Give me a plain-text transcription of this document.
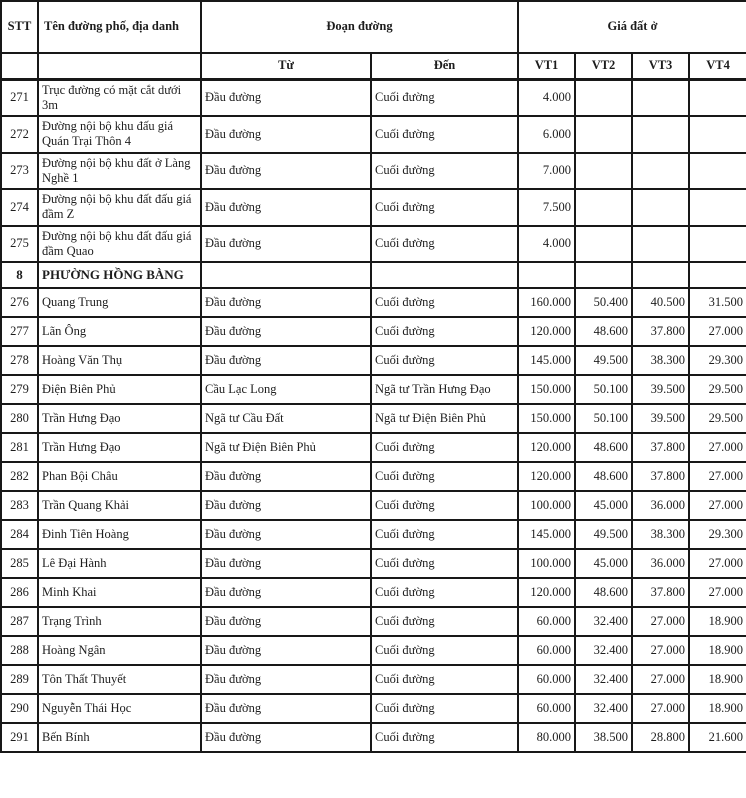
STT	Tên đường phố, địa danh	Đoạn đường		Giá đất ở			
		Từ	Đến	VT1	VT2	VT3	VT4
271	Trục đường có mặt cắt dưới 3m	Đầu đường	Cuối đường	4.000			
272	Đường nội bộ khu đấu giá Quán Trại Thôn 4	Đầu đường	Cuối đường	6.000			
273	Đường nội bộ khu đất ở Làng Nghề 1	Đầu đường	Cuối đường	7.000			
274	Đường nội bộ khu đất đấu giá đầm Z	Đầu đường	Cuối đường	7.500			
275	Đường nội bộ khu đất đấu giá đầm Quao	Đầu đường	Cuối đường	4.000			
8	PHƯỜNG HỒNG BÀNG						
276	Quang Trung	Đầu đường	Cuối đường	160.000	50.400	40.500	31.500
277	Lãn Ông	Đầu đường	Cuối đường	120.000	48.600	37.800	27.000
278	Hoàng Văn Thụ	Đầu đường	Cuối đường	145.000	49.500	38.300	29.300
279	Điện Biên Phủ	Cầu Lạc Long	Ngã tư Trần Hưng Đạo	150.000	50.100	39.500	29.500
280	Trần Hưng Đạo	Ngã tư Cầu Đất	Ngã tư Điện Biên Phủ	150.000	50.100	39.500	29.500
281	Trần Hưng Đạo	Ngã tư Điện Biên Phủ	Cuối đường	120.000	48.600	37.800	27.000
282	Phan Bội Châu	Đầu đường	Cuối đường	120.000	48.600	37.800	27.000
283	Trần Quang Khải	Đầu đường	Cuối đường	100.000	45.000	36.000	27.000
284	Đinh Tiên Hoàng	Đầu đường	Cuối đường	145.000	49.500	38.300	29.300
285	Lê Đại Hành	Đầu đường	Cuối đường	100.000	45.000	36.000	27.000
286	Minh Khai	Đầu đường	Cuối đường	120.000	48.600	37.800	27.000
287	Trạng Trình	Đầu đường	Cuối đường	60.000	32.400	27.000	18.900
288	Hoàng Ngân	Đầu đường	Cuối đường	60.000	32.400	27.000	18.900
289	Tôn Thất Thuyết	Đầu đường	Cuối đường	60.000	32.400	27.000	18.900
290	Nguyễn Thái Học	Đầu đường	Cuối đường	60.000	32.400	27.000	18.900
291	Bến Bính	Đầu đường	Cuối đường	80.000	38.500	28.800	21.600
